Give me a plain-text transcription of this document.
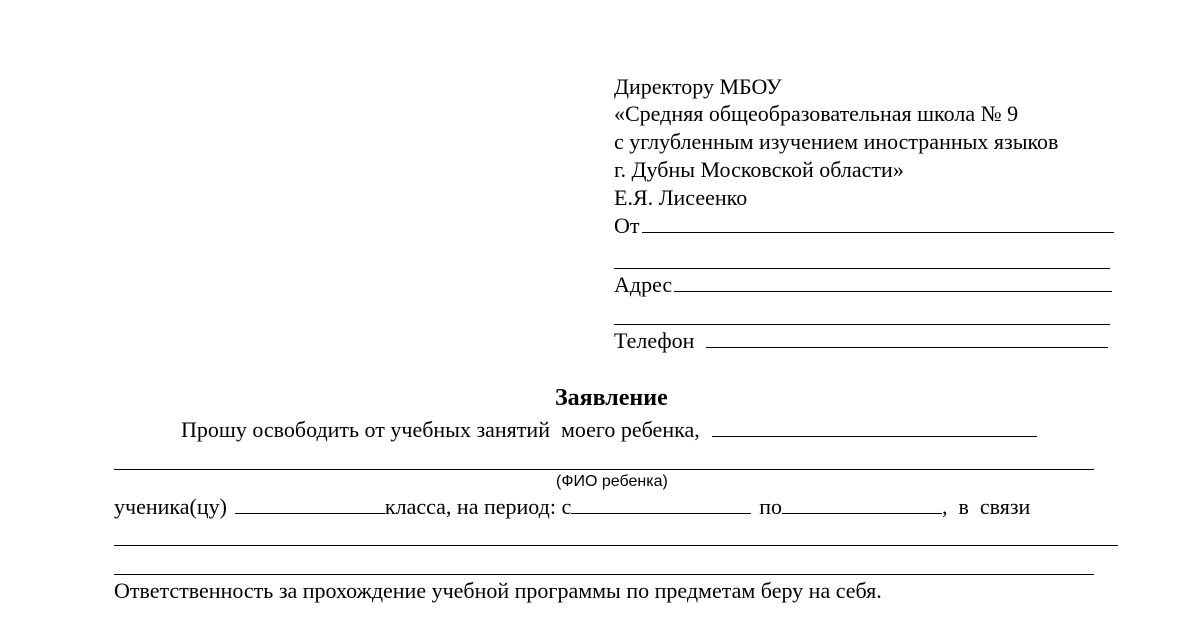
Директору МБОУ
«Средняя общеобразовательная школа № 9
с углубленным изучением иностранных языков
г. Дубны Московской области»
Е.Я. Лисеенко
От
Адрес
Телефон
Заявление
Прошу освободить от учебных занятий  моего ребенка,
(ФИО ребенка)
ученика(цу)	класса, на период: с	по	,  в  связи
Ответственность за прохождение учебной программы по предметам беру на себя.
